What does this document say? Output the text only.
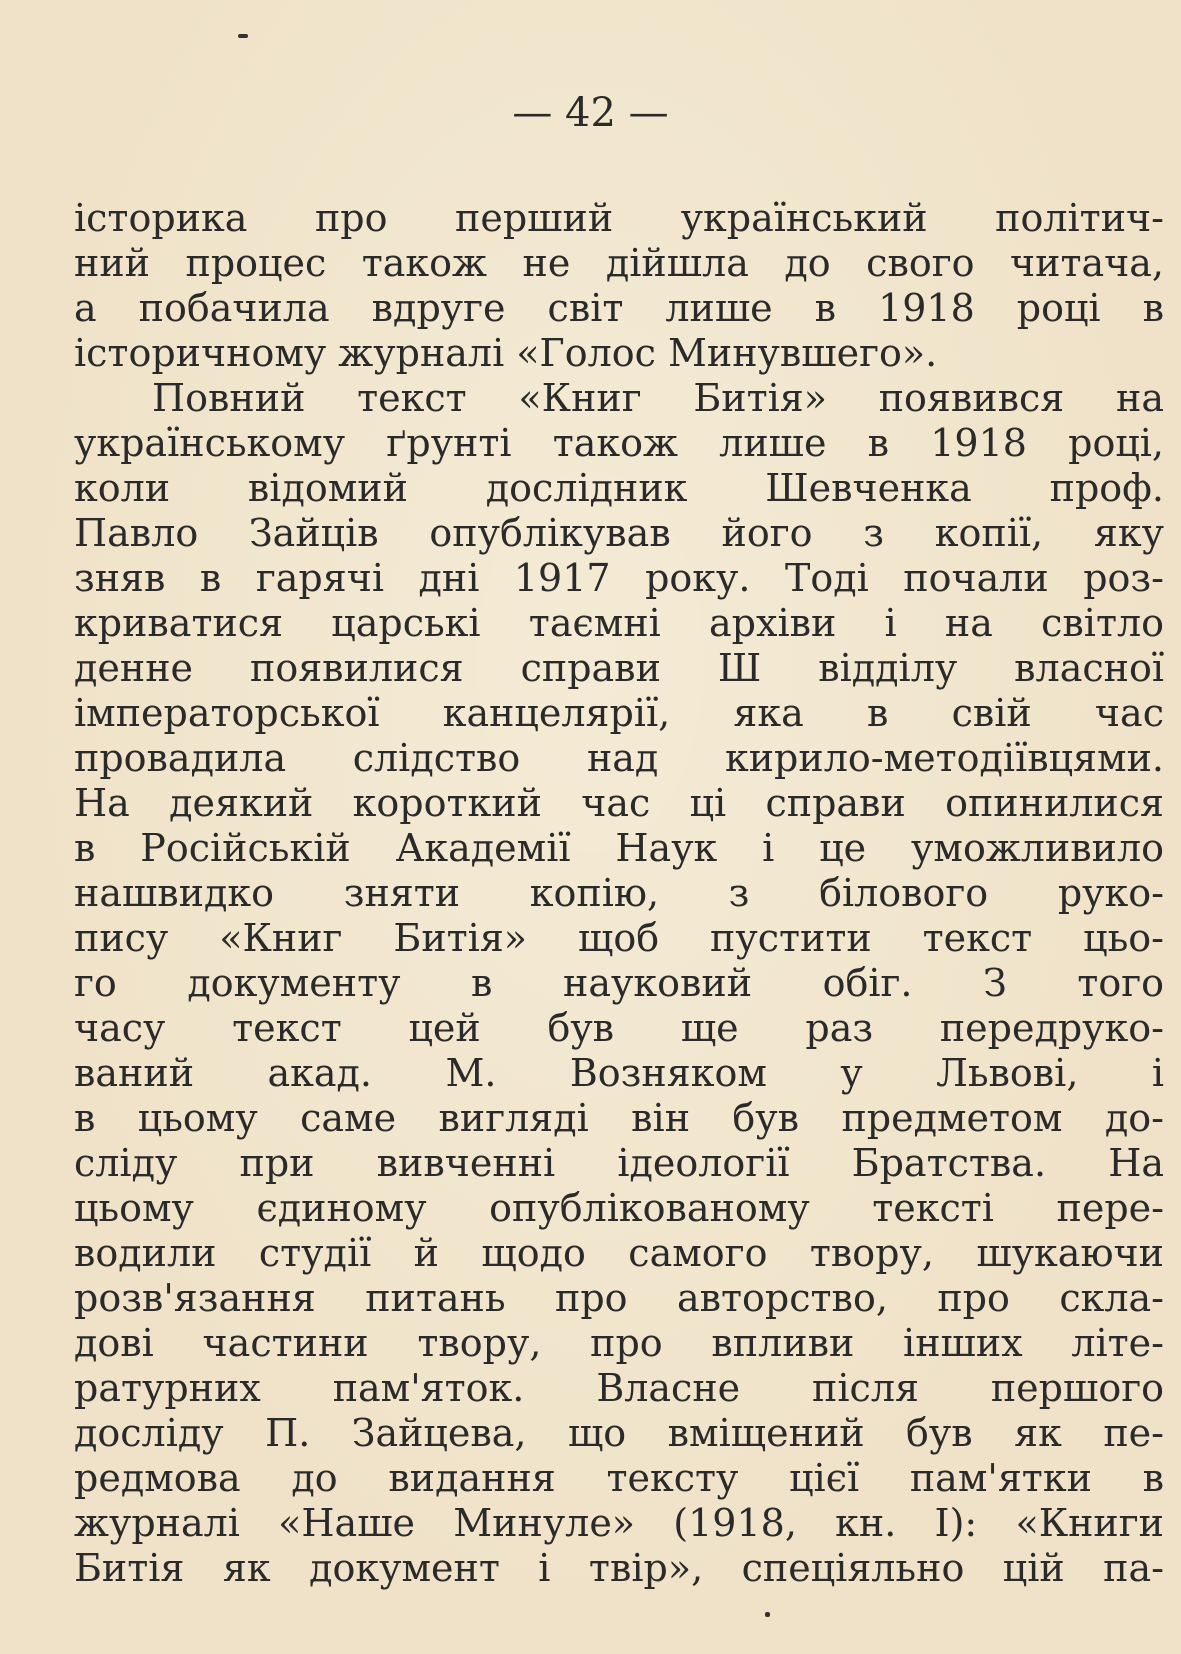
— 42 —
історика про перший український політич-
ний процес також не дійшла до свого читача,
а побачила вдруге світ лише в 1918 році в
історичному журналі «Голос Минувшего».
Повний текст «Книг Битія» появився на
українському ґрунті також лише в 1918 році,
коли відомий дослідник Шевченка проф.
Павло Зайців опублікував його з копії, яку
зняв в гарячі дні 1917 року. Тоді почали роз-
криватися царські таємні архіви і на світло
денне появилися справи Ш відділу власної
імператорської канцелярії, яка в свій час
провадила слідство над кирило-методіївцями.
На деякий короткий час ці справи опинилися
в Російській Академії Наук і це уможливило
нашвидко зняти копію, з білового руко-
пису «Книг Битія» щоб пустити текст цьо-
го документу в науковий обіг. З того
часу текст цей був ще раз передруко-
ваний акад. М. Возняком у Львові, і
в цьому саме вигляді він був предметом до-
сліду при вивченні ідеології Братства. На
цьому єдиному опублікованому тексті пере-
водили студії й щодо самого твору, шукаючи
розв'язання питань про авторство, про скла-
дові частини твору, про впливи інших літе-
ратурних пам'яток. Власне після першого
досліду П. Зайцева, що вміщений був як пе-
редмова до видання тексту цієї пам'ятки в
журналі «Наше Минуле» (1918, кн. I): «Книги
Битія як документ і твір», спеціяльно цій па-
